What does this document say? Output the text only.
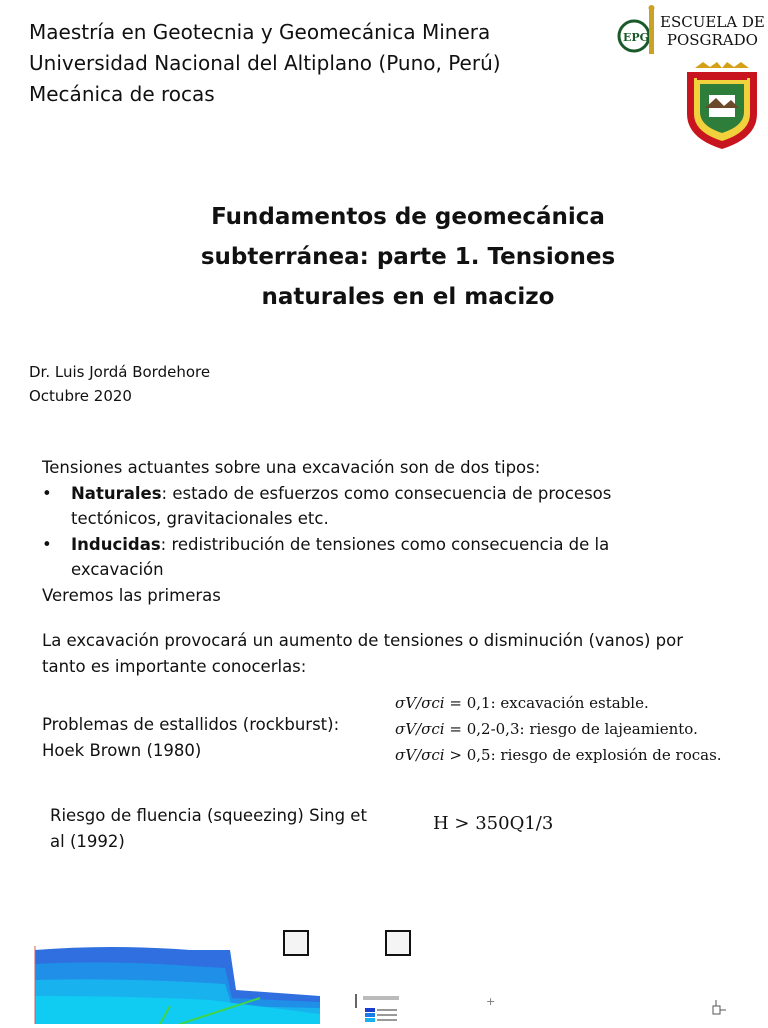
Maestría en Geotecnia y Geomecánica Minera
Universidad Nacional del Altiplano (Puno, Perú)
Mecánica de rocas
EPG
ESCUELA DE
POSGRADO
Fundamentos de geomecánica
subterránea: parte 1. Tensiones
naturales en el macizo
Dr. Luis Jordá Bordehore
Octubre 2020
Tensiones actuantes sobre una excavación son de dos tipos:
• Naturales: estado de esfuerzos como consecuencia de procesos tectónicos, gravitacionales etc.
• Inducidas: redistribución de tensiones como consecuencia de la excavación
Veremos las primeras
La excavación provocará un aumento de tensiones o disminución (vanos) por tanto es importante conocerlas:
Problemas de estallidos (rockburst): Hoek Brown (1980)
σV/σci = 0,1: excavación estable.
σV/σci = 0,2-0,3: riesgo de lajeamiento.
σV/σci > 0,5: riesgo de explosión de rocas.
Riesgo de fluencia (squeezing) Sing et al (1992)
H > 350Q1/3
+
